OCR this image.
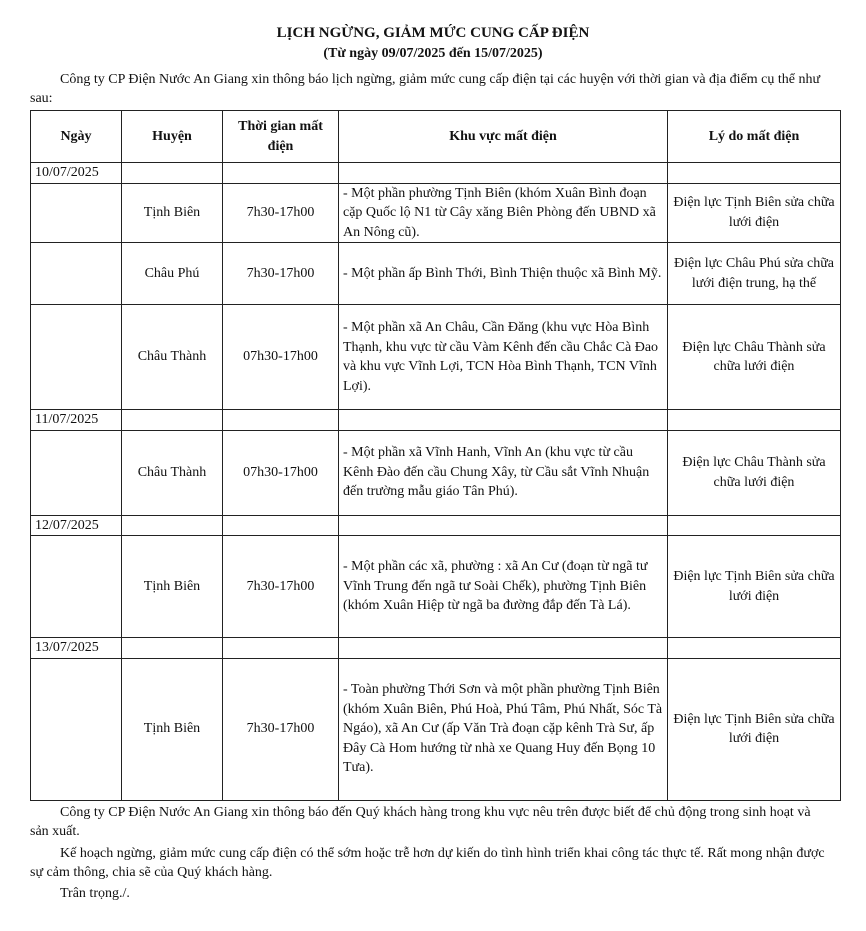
LỊCH NGỪNG, GIẢM MỨC CUNG CẤP ĐIỆN
(Từ ngày 09/07/2025 đến 15/07/2025)

Công ty CP Điện Nước An Giang xin thông báo lịch ngừng, giảm mức cung cấp điện tại các huyện với thời gian và địa điểm cụ thể như sau:

Ngày	Huyện	Thời gian mất điện	Khu vực mất điện	Lý do mất điện
10/07/2025				
	Tịnh Biên	7h30-17h00	- Một phần phường Tịnh Biên (khóm Xuân Bình đoạn cặp Quốc lộ N1 từ Cây xăng Biên Phòng đến UBND xã An Nông cũ).	Điện lực Tịnh Biên sửa chữa lưới điện
	Châu Phú	7h30-17h00	- Một phần ấp Bình Thới, Bình Thiện thuộc xã Bình Mỹ.	Điện lực Châu Phú sửa chữa lưới điện trung, hạ thế
	Châu Thành	07h30-17h00	- Một phần xã An Châu, Cần Đăng (khu vực Hòa Bình Thạnh, khu vực từ cầu Vàm Kênh đến cầu Chắc Cà Đao và khu vực Vĩnh Lợi, TCN Hòa Bình Thạnh, TCN Vĩnh Lợi).	Điện lực Châu Thành sửa chữa lưới điện
11/07/2025				
	Châu Thành	07h30-17h00	- Một phần xã Vĩnh Hanh, Vĩnh An (khu vực từ cầu Kênh Đào đến cầu Chung Xây, từ Cầu sắt Vĩnh Nhuận đến trường mẫu giáo Tân Phú).	Điện lực Châu Thành sửa chữa lưới điện
12/07/2025				
	Tịnh Biên	7h30-17h00	- Một phần các xã, phường : xã An Cư (đoạn từ ngã tư Vĩnh Trung đến ngã tư Soài Chếk), phường Tịnh Biên (khóm Xuân Hiệp từ ngã ba đường đắp đến Tà Lá).	Điện lực Tịnh Biên sửa chữa lưới điện
13/07/2025				
	Tịnh Biên	7h30-17h00	- Toàn phường Thới Sơn và một phần phường Tịnh Biên (khóm Xuân Biên, Phú Hoà, Phú Tâm, Phú Nhất, Sóc Tà Ngáo), xã An Cư (ấp Văn Trà đoạn cặp kênh Trà Sư, ấp Đây Cà Hom hướng từ nhà xe Quang Huy đến Bọng 10 Tưa).	Điện lực Tịnh Biên sửa chữa lưới điện

Công ty CP Điện Nước An Giang xin thông báo đến Quý khách hàng trong khu vực nêu trên được biết để chủ động trong sinh hoạt và sản xuất.

Kế hoạch ngừng, giảm mức cung cấp điện có thể sớm hoặc trễ hơn dự kiến do tình hình triển khai công tác thực tế. Rất mong nhận được sự cảm thông, chia sẽ của Quý khách hàng.

Trân trọng./.
